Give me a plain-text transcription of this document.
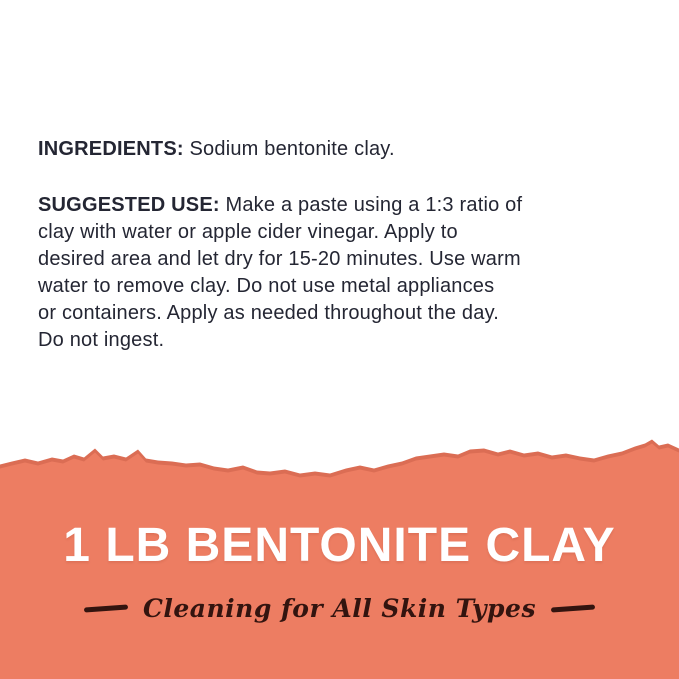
INGREDIENTS: Sodium bentonite clay.

SUGGESTED USE: Make a paste using a 1:3 ratio of

clay with water or apple cider vinegar. Apply to

desired area and let dry for 15-20 minutes. Use warm

water to remove clay. Do not use metal appliances

or containers. Apply as needed throughout the day.

Do not ingest.

1 LB BENTONITE CLAY
Cleaning for All Skin Types
